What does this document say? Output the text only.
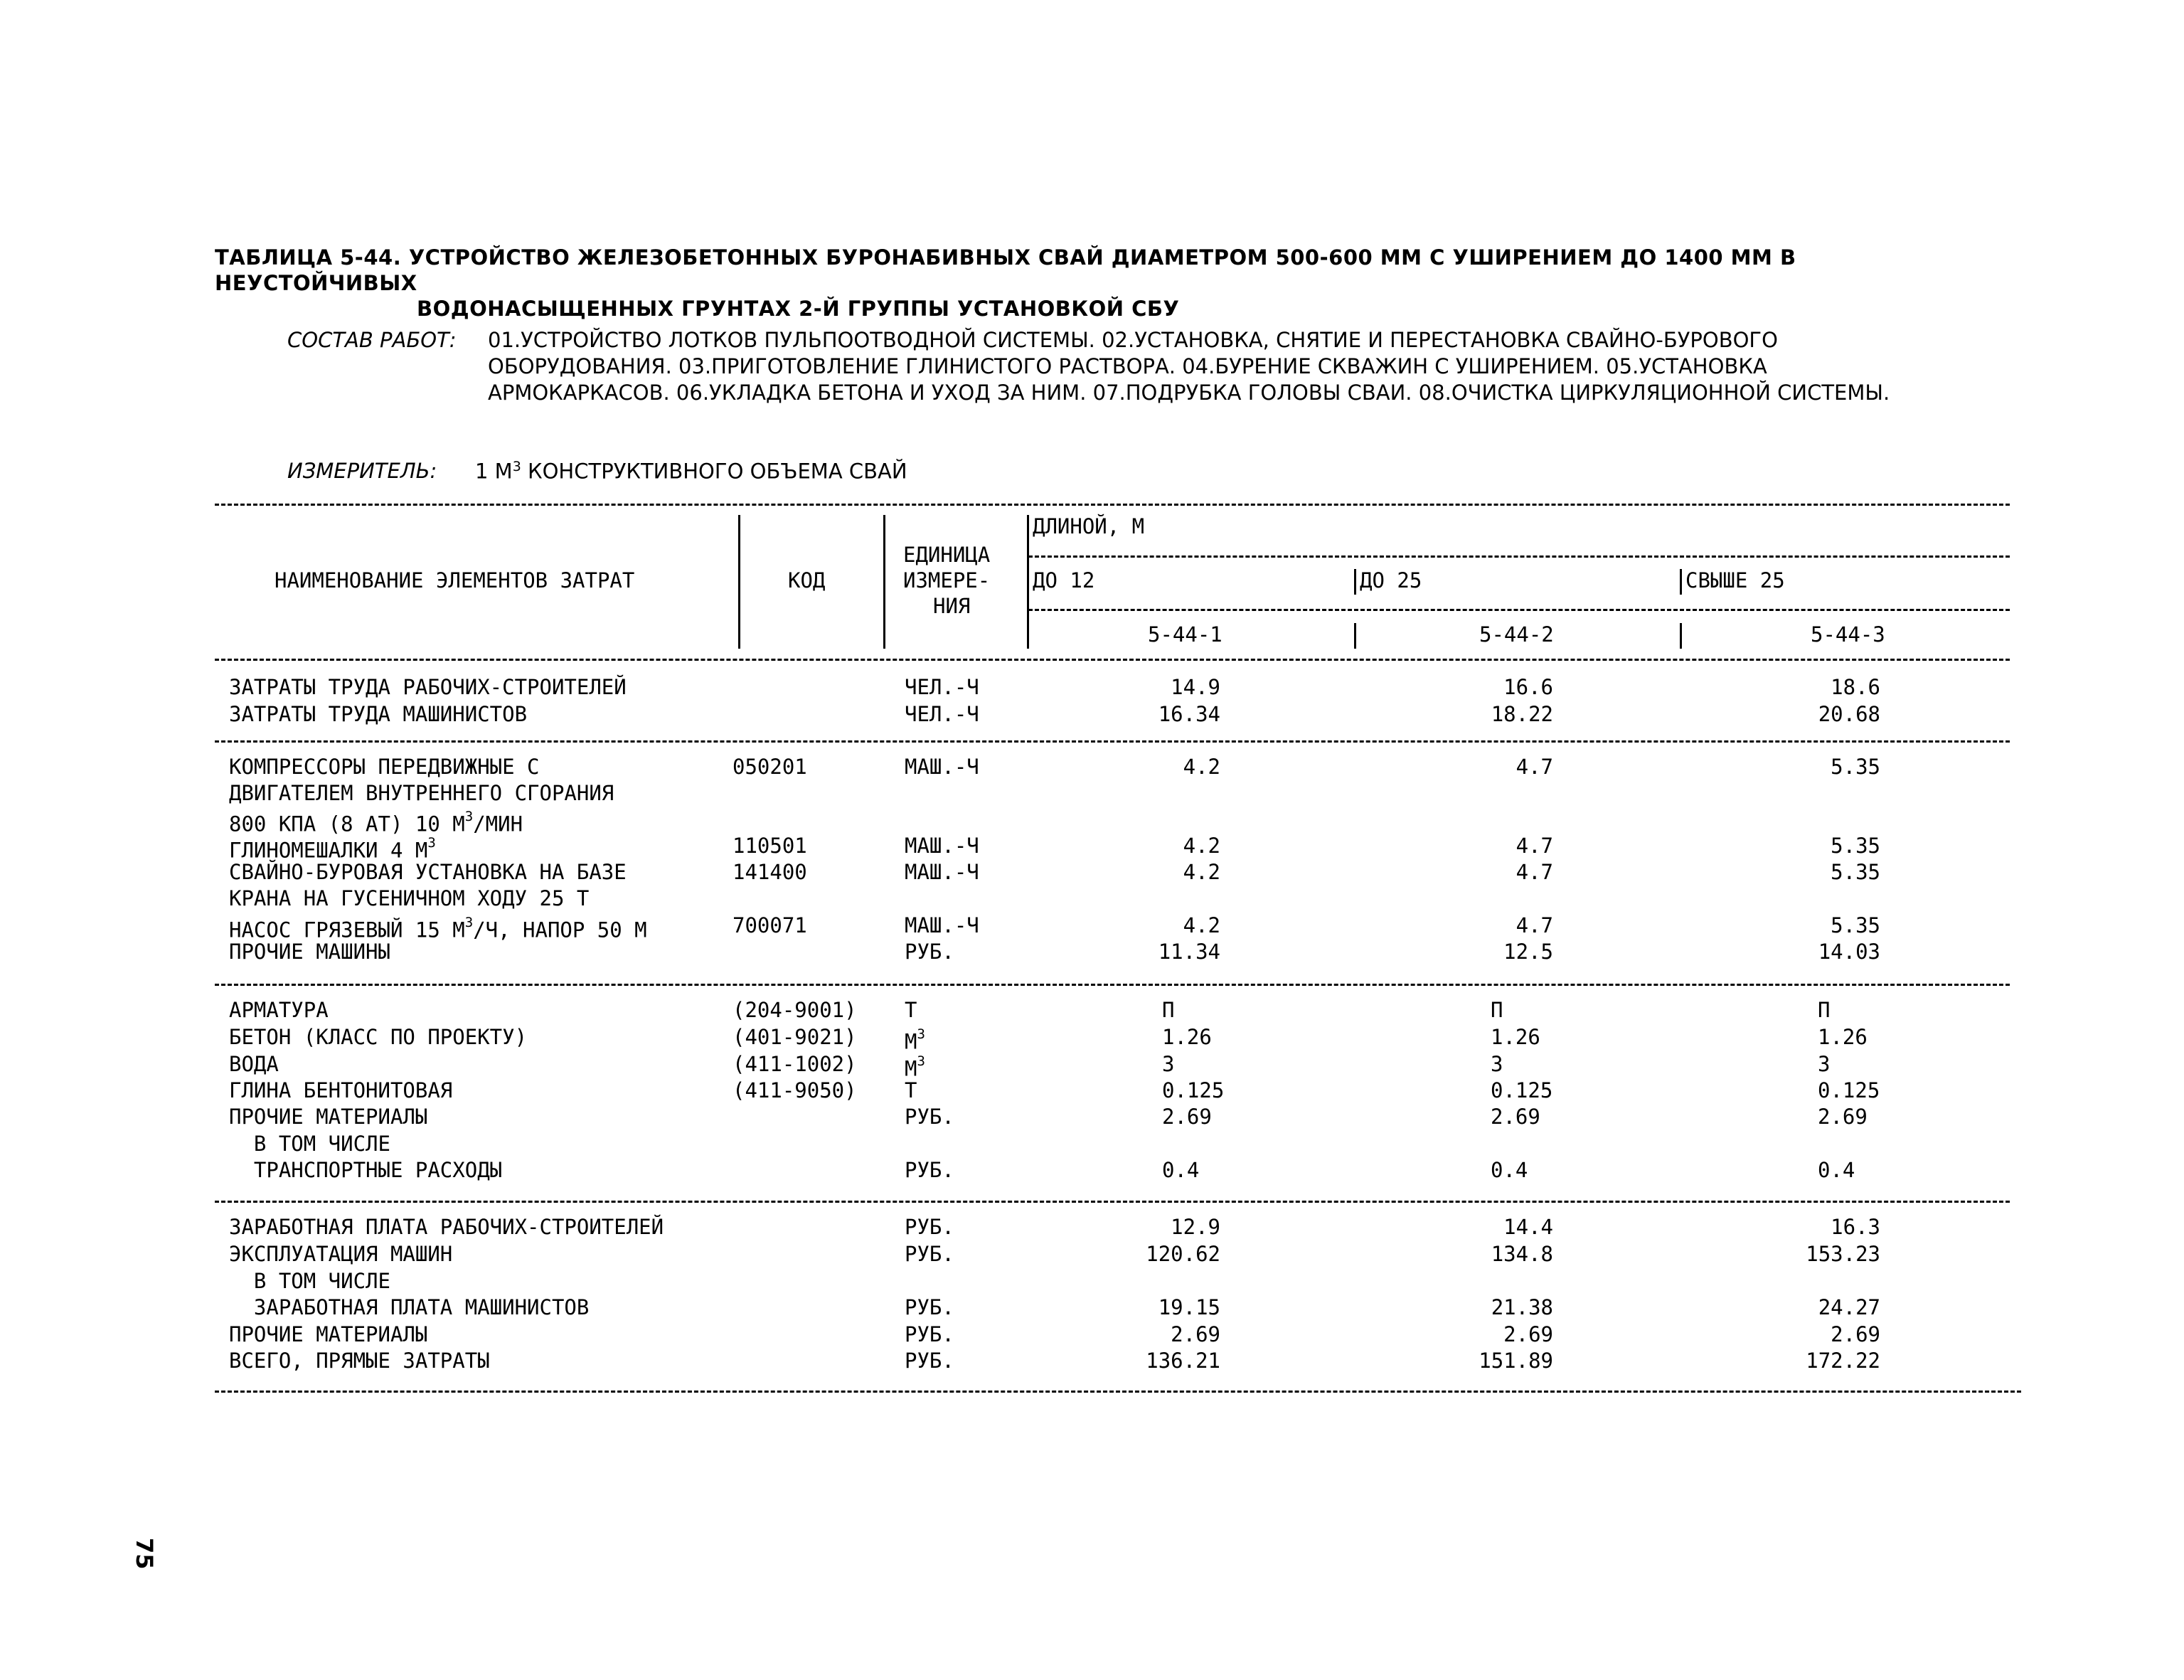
ТАБЛИЦА 5-44. УСТРОЙСТВО ЖЕЛЕЗОБЕТОННЫХ БУРОНАБИВНЫХ СВАЙ ДИАМЕТРОМ 500-600 ММ С УШИРЕНИЕМ ДО 1400 ММ В НЕУСТОЙЧИВЫХ
ВОДОНАСЫЩЕННЫХ ГРУНТАХ 2-Й ГРУППЫ УСТАНОВКОЙ СБУ
СОСТАВ РАБОТ: 01.УСТРОЙСТВО ЛОТКОВ ПУЛЬПООТВОДНОЙ СИСТЕМЫ. 02.УСТАНОВКА, СНЯТИЕ И ПЕРЕСТАНОВКА СВАЙНО-БУРОВОГО ОБОРУДОВАНИЯ. 03.ПРИГОТОВЛЕНИЕ ГЛИНИСТОГО РАСТВОРА. 04.БУРЕНИЕ СКВАЖИН С УШИРЕНИЕМ. 05.УСТАНОВКА АРМОКАРКАСОВ. 06.УКЛАДКА БЕТОНА И УХОД ЗА НИМ. 07.ПОДРУБКА ГОЛОВЫ СВАИ. 08.ОЧИСТКА ЦИРКУЛЯЦИОННОЙ СИСТЕМЫ.
ИЗМЕРИТЕЛЬ: 1 $М^3$ КОНСТРУКТИВНОГО ОБЪЕМА СВАЙ
НАИМЕНОВАНИЕ ЭЛЕМЕНТОВ ЗАТРАТ	КОД
ЕДИНИЦА
ИЗМЕРЕ-
НИЯ
ДЛИНОЙ, М
ДО 12	ДО 25	СВЫШЕ 25
5-44-1	5-44-2	5-44-3
ЗАТРАТЫ ТРУДА РАБОЧИХ-СТРОИТЕЛЕЙ	ЧЕЛ.-Ч	14.9	16.6	18.6
ЗАТРАТЫ ТРУДА МАШИНИСТОВ	ЧЕЛ.-Ч	16.34	18.22	20.68
КОМПРЕССОРЫ ПЕРЕДВИЖНЫЕ С	050201	МАШ.-Ч	4.2	4.7	5.35
ДВИГАТЕЛЕМ ВНУТРЕННЕГО СГОРАНИЯ
800 КПА (8 АТ) 10 $М^3$/МИН
ГЛИНОМЕШАЛКИ 4 $М^3$	110501	МАШ.-Ч	4.2	4.7	5.35
СВАЙНО-БУРОВАЯ УСТАНОВКА НА БАЗЕ	141400	МАШ.-Ч	4.2	4.7	5.35
КРАНА НА ГУСЕНИЧНОМ ХОДУ 25 Т
НАСОС ГРЯЗЕВЫЙ 15 $М^3/Ч$, НАПОР 50 М	700071	МАШ.-Ч	4.2	4.7	5.35
ПРОЧИЕ МАШИНЫ	РУБ.	11.34	12.5	14.03
АРМАТУРА	(204-9001) Т	П	П	П
БЕТОН (КЛАСС ПО ПРОЕКТУ)	(401-9021) $М^3$	1.26	1.26	1.26
ВОДА	(411-1002) $М^3$	3	3	3
ГЛИНА БЕНТОНИТОВАЯ	(411-9050) Т	0.125	0.125	0.125
ПРОЧИЕ МАТЕРИАЛЫ	РУБ.	2.69	2.69	2.69
В ТОМ ЧИСЛЕ
ТРАНСПОРТНЫЕ РАСХОДЫ	РУБ.	0.4	0.4	0.4
ЗАРАБОТНАЯ ПЛАТА РАБОЧИХ-СТРОИТЕЛЕЙ	РУБ.	12.9	14.4	16.3
ЭКСПЛУАТАЦИЯ МАШИН	РУБ.	120.62	134.8	153.23
В ТОМ ЧИСЛЕ
ЗАРАБОТНАЯ ПЛАТА МАШИНИСТОВ	РУБ.	19.15	21.38	24.27
ПРОЧИЕ МАТЕРИАЛЫ	РУБ.	2.69	2.69	2.69
ВСЕГО, ПРЯМЫЕ ЗАТРАТЫ	РУБ.	136.21	151.89	172.22
75
